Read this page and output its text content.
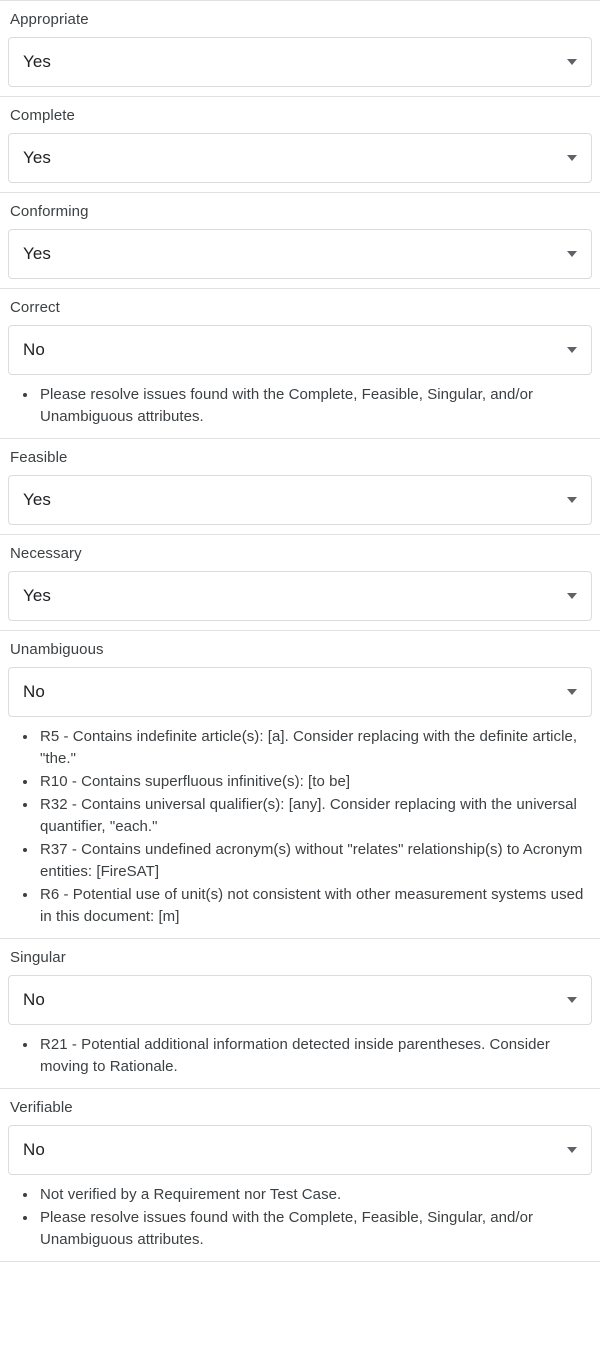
Appropriate
Yes
Complete
Yes
Conforming
Yes
Correct
No
Please resolve issues found with the Complete, Feasible, Singular, and/or Unambiguous attributes.
Feasible
Yes
Necessary
Yes
Unambiguous
No
R5 - Contains indefinite article(s): [a]. Consider replacing with the definite article, "the."
R10 - Contains superfluous infinitive(s): [to be]
R32 - Contains universal qualifier(s): [any]. Consider replacing with the universal quantifier, "each."
R37 - Contains undefined acronym(s) without "relates" relationship(s) to Acronym entities: [FireSAT]
R6 - Potential use of unit(s) not consistent with other measurement systems used in this document: [m]
Singular
No
R21 - Potential additional information detected inside parentheses. Consider moving to Rationale.
Verifiable
No
Not verified by a Requirement nor Test Case.
Please resolve issues found with the Complete, Feasible, Singular, and/or Unambiguous attributes.
